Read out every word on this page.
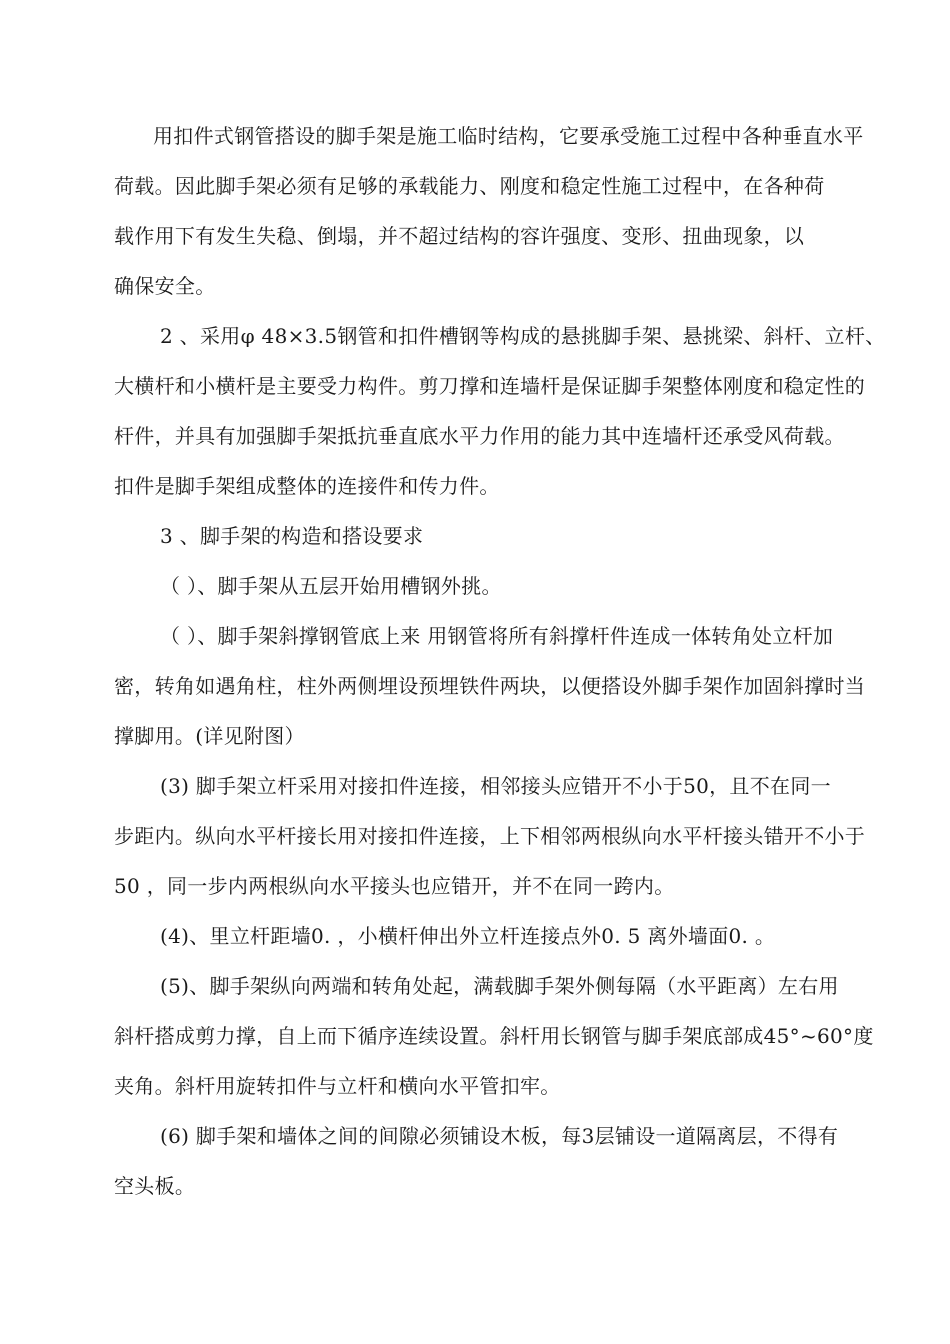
用扣件式钢管搭设的脚手架是施工临时结构，它要承受施工过程中各种垂直水平
荷载。因此脚手架必须有足够的承载能力、刚度和稳定性施工过程中，在各种荷
载作用下有发生失稳、倒塌，并不超过结构的容许强度、变形、扭曲现象，以
确保安全。
2 、采用φ 48×3.5钢管和扣件槽钢等构成的悬挑脚手架、悬挑梁、斜杆、立杆、
大横杆和小横杆是主要受力构件。剪刀撑和连墙杆是保证脚手架整体刚度和稳定性的
杆件，并具有加强脚手架抵抗垂直底水平力作用的能力其中连墙杆还承受风荷载。
扣件是脚手架组成整体的连接件和传力件。
3 、脚手架的构造和搭设要求
（ ）、脚手架从五层开始用槽钢外挑。
（ ）、脚手架斜撑钢管底上来 用钢管将所有斜撑杆件连成一体转角处立杆加
密，转角如遇角柱，柱外两侧埋设预埋铁件两块，以便搭设外脚手架作加固斜撑时当
撑脚用。(详见附图）
(3) 脚手架立杆采用对接扣件连接，相邻接头应错开不小于50，且不在同一
步距内。纵向水平杆接长用对接扣件连接，上下相邻两根纵向水平杆接头错开不小于
50 ，同一步内两根纵向水平接头也应错开，并不在同一跨内。
(4)、里立杆距墙0. ，小横杆伸出外立杆连接点外0. 5 离外墙面0. 。
(5)、脚手架纵向两端和转角处起，满载脚手架外侧每隔（水平距离）左右用
斜杆搭成剪力撑，自上而下循序连续设置。斜杆用长钢管与脚手架底部成45°~60°度
夹角。斜杆用旋转扣件与立杆和横向水平管扣牢。
(6) 脚手架和墙体之间的间隙必须铺设木板，每3层铺设一道隔离层，不得有
空头板。
